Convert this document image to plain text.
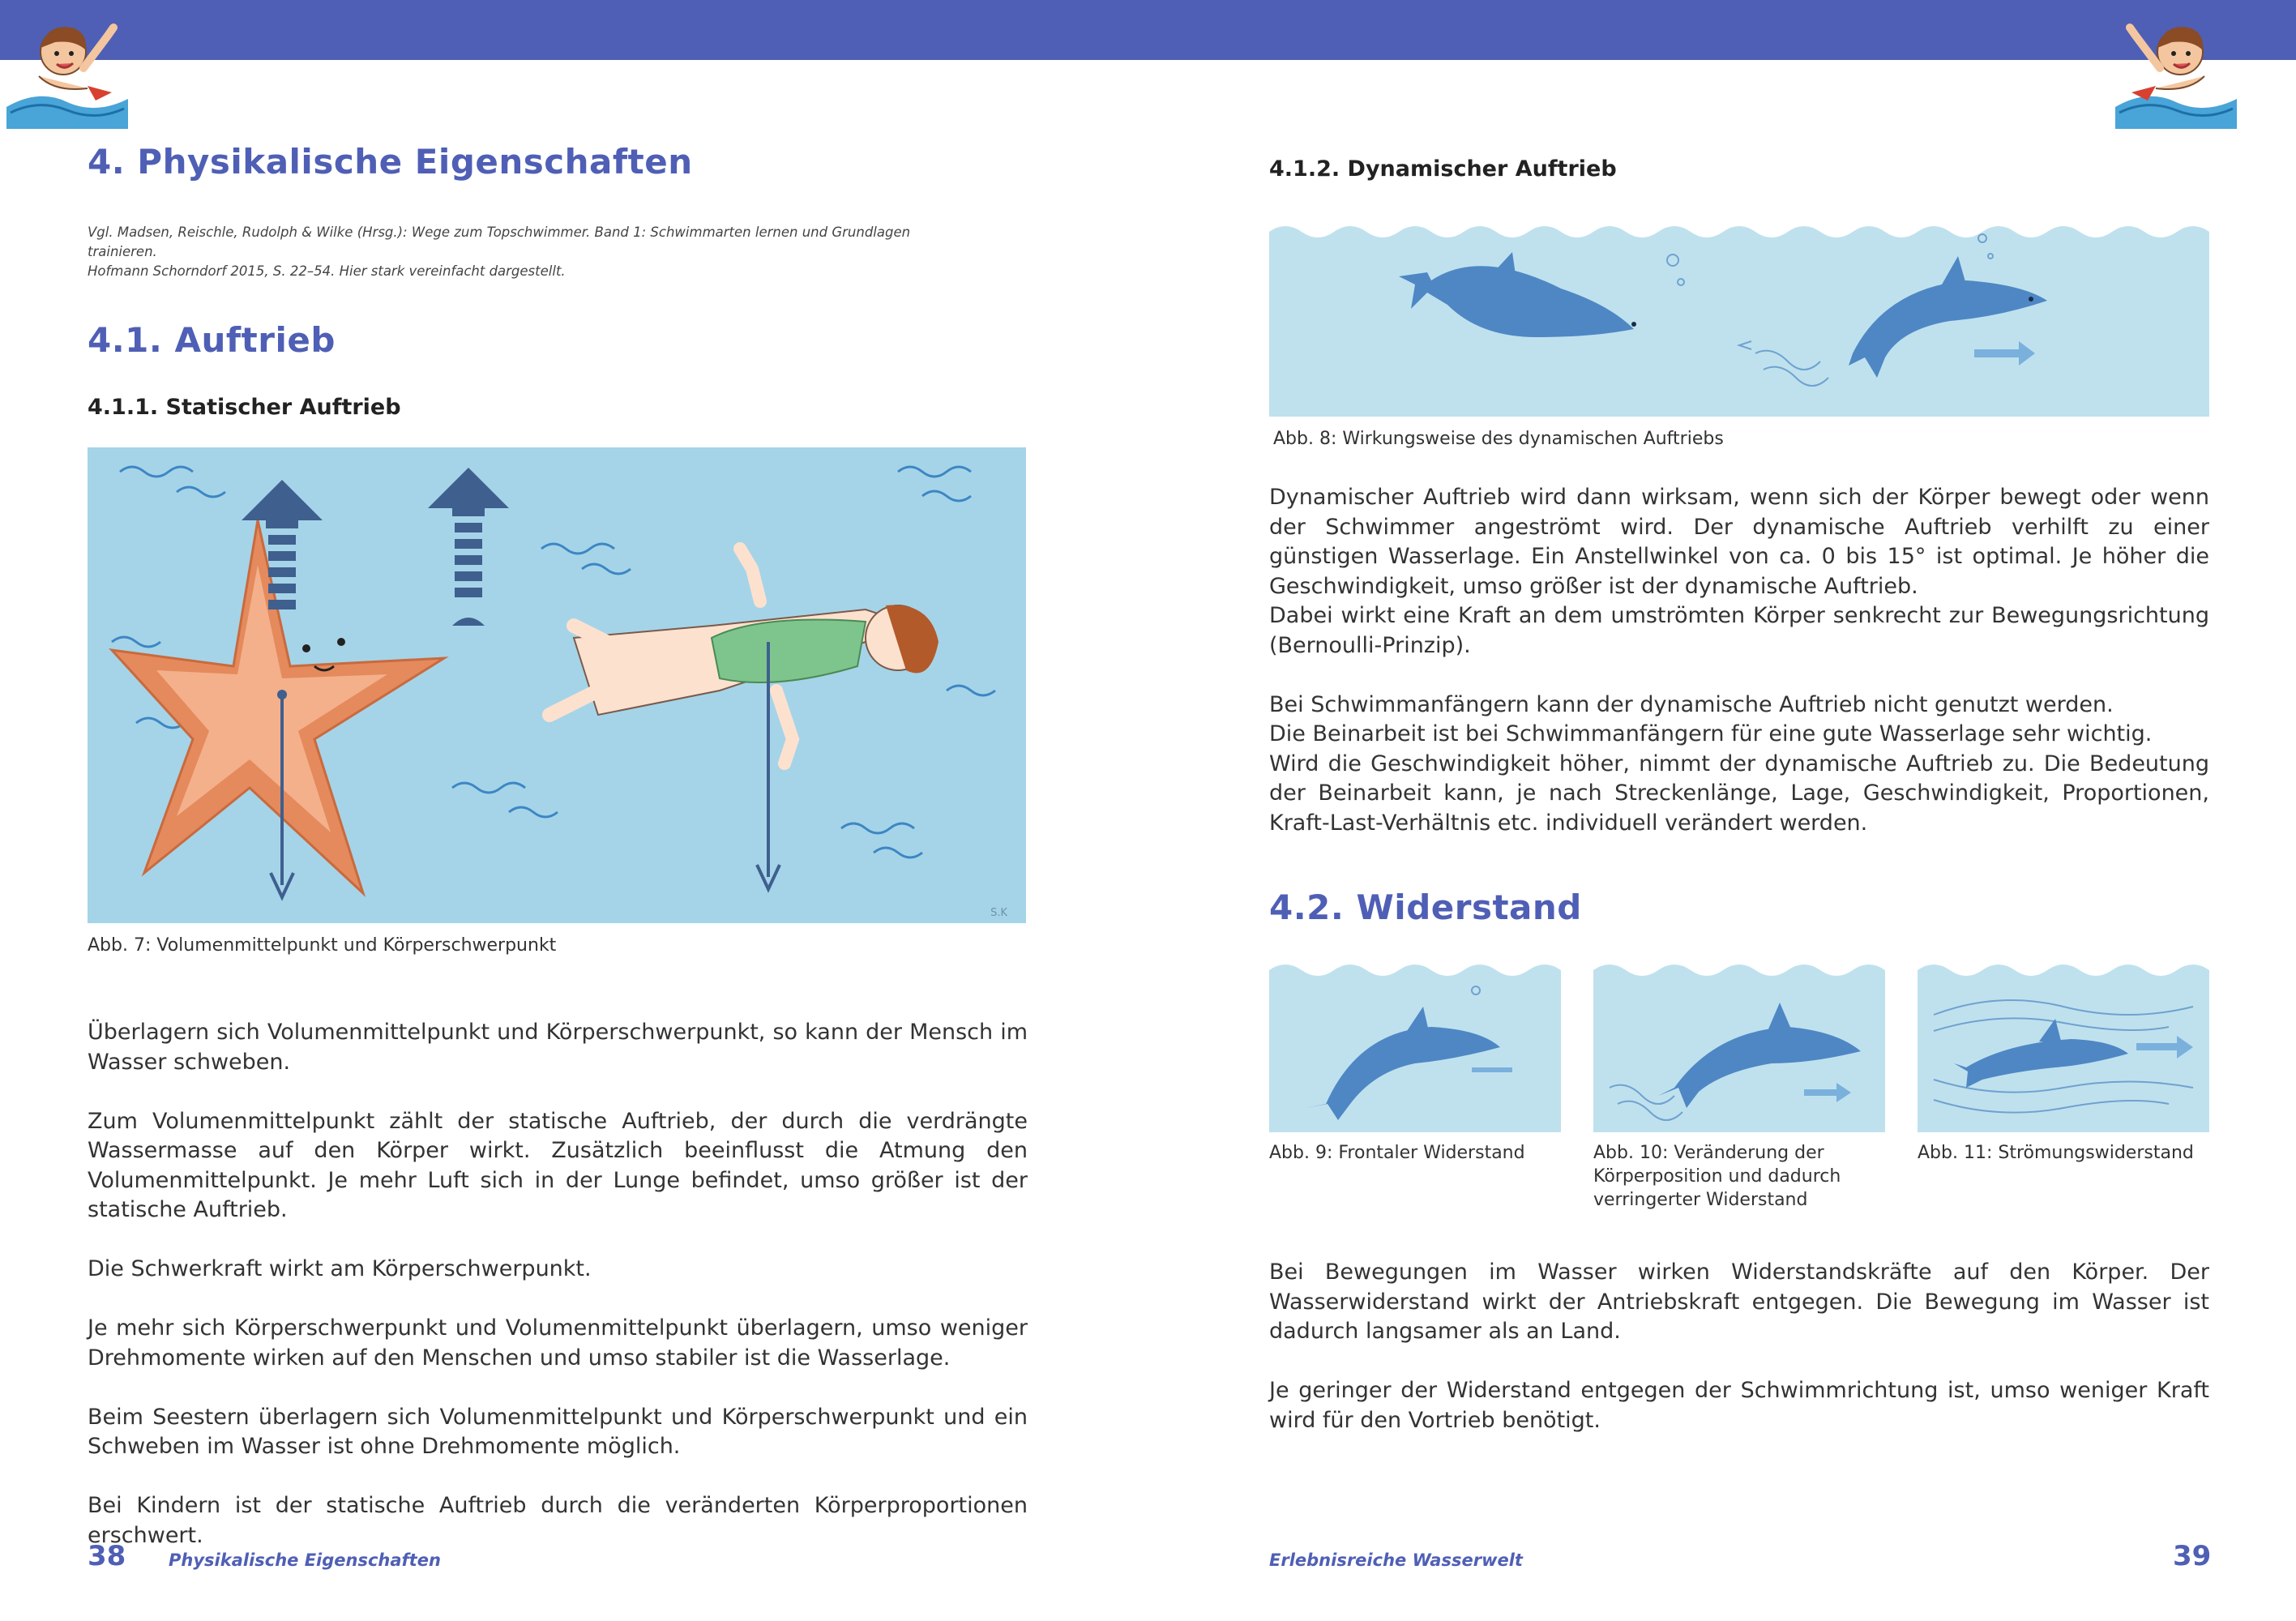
4. Physikalische Eigenschaften
Vgl. Madsen, Reischle, Rudolph & Wilke (Hrsg.): Wege zum Topschwimmer. Band 1: Schwimmarten lernen und Grundlagen trainieren.
Hofmann Schorndorf 2015, S. 22–54. Hier stark vereinfacht dargestellt.
4.1. Auftrieb
4.1.1. Statischer Auftrieb
S.K
Abb. 7: Volumenmittelpunkt und Körperschwerpunkt

Überlagern sich Volumenmittelpunkt und Körperschwerpunkt, so kann der Mensch im Wasser schweben.

Zum Volumenmittelpunkt zählt der statische Auftrieb, der durch die verdrängte Wassermasse auf den Körper wirkt. Zusätzlich beeinflusst die Atmung den Volumenmittelpunkt. Je mehr Luft sich in der Lunge befindet, umso größer ist der statische Auftrieb.

Die Schwerkraft wirkt am Körperschwerpunkt.

Je mehr sich Körperschwerpunkt und Volumenmittelpunkt überlagern, umso weniger Drehmomente wirken auf den Menschen und umso stabiler ist die Wasserlage.

Beim Seestern überlagern sich Volumenmittelpunkt und Körperschwerpunkt und ein Schweben im Wasser ist ohne Drehmomente möglich.

Bei Kindern ist der statische Auftrieb durch die veränderten Körperproportionen erschwert.

38	Physikalische Eigenschaften
4.1.2. Dynamischer Auftrieb
Abb. 8: Wirkungsweise des dynamischen Auftriebs

Dynamischer Auftrieb wird dann wirksam, wenn sich der Körper bewegt oder wenn der Schwimmer angeströmt wird. Der dynamische Auftrieb verhilft zu einer günstigen Wasserlage. Ein Anstellwinkel von ca. 0 bis 15° ist optimal. Je höher die Geschwindigkeit, umso größer ist der dynamische Auftrieb.

Dabei wirkt eine Kraft an dem umströmten Körper senkrecht zur Bewegungsrichtung (Bernoulli-Prinzip).

Bei Schwimmanfängern kann der dynamische Auftrieb nicht genutzt werden.

Die Beinarbeit ist bei Schwimmanfängern für eine gute Wasserlage sehr wichtig.

Wird die Geschwindigkeit höher, nimmt der dynamische Auftrieb zu. Die Bedeutung der Beinarbeit kann, je nach Streckenlänge, Lage, Geschwindigkeit, Proportionen, Kraft-Last-Verhältnis etc. individuell verändert werden.

4.2. Widerstand
Abb. 9: Frontaler Widerstand	Abb. 10: Veränderung der Körperposition und dadurch verringerter Widerstand
Abb. 11: Strömungswiderstand

Bei Bewegungen im Wasser wirken Widerstandskräfte auf den Körper. Der Wasserwiderstand wirkt der Antriebskraft entgegen. Die Bewegung im Wasser ist dadurch langsamer als an Land.

Je geringer der Widerstand entgegen der Schwimmrichtung ist, umso weniger Kraft wird für den Vortrieb benötigt.

Erlebnisreiche Wasserwelt	39
